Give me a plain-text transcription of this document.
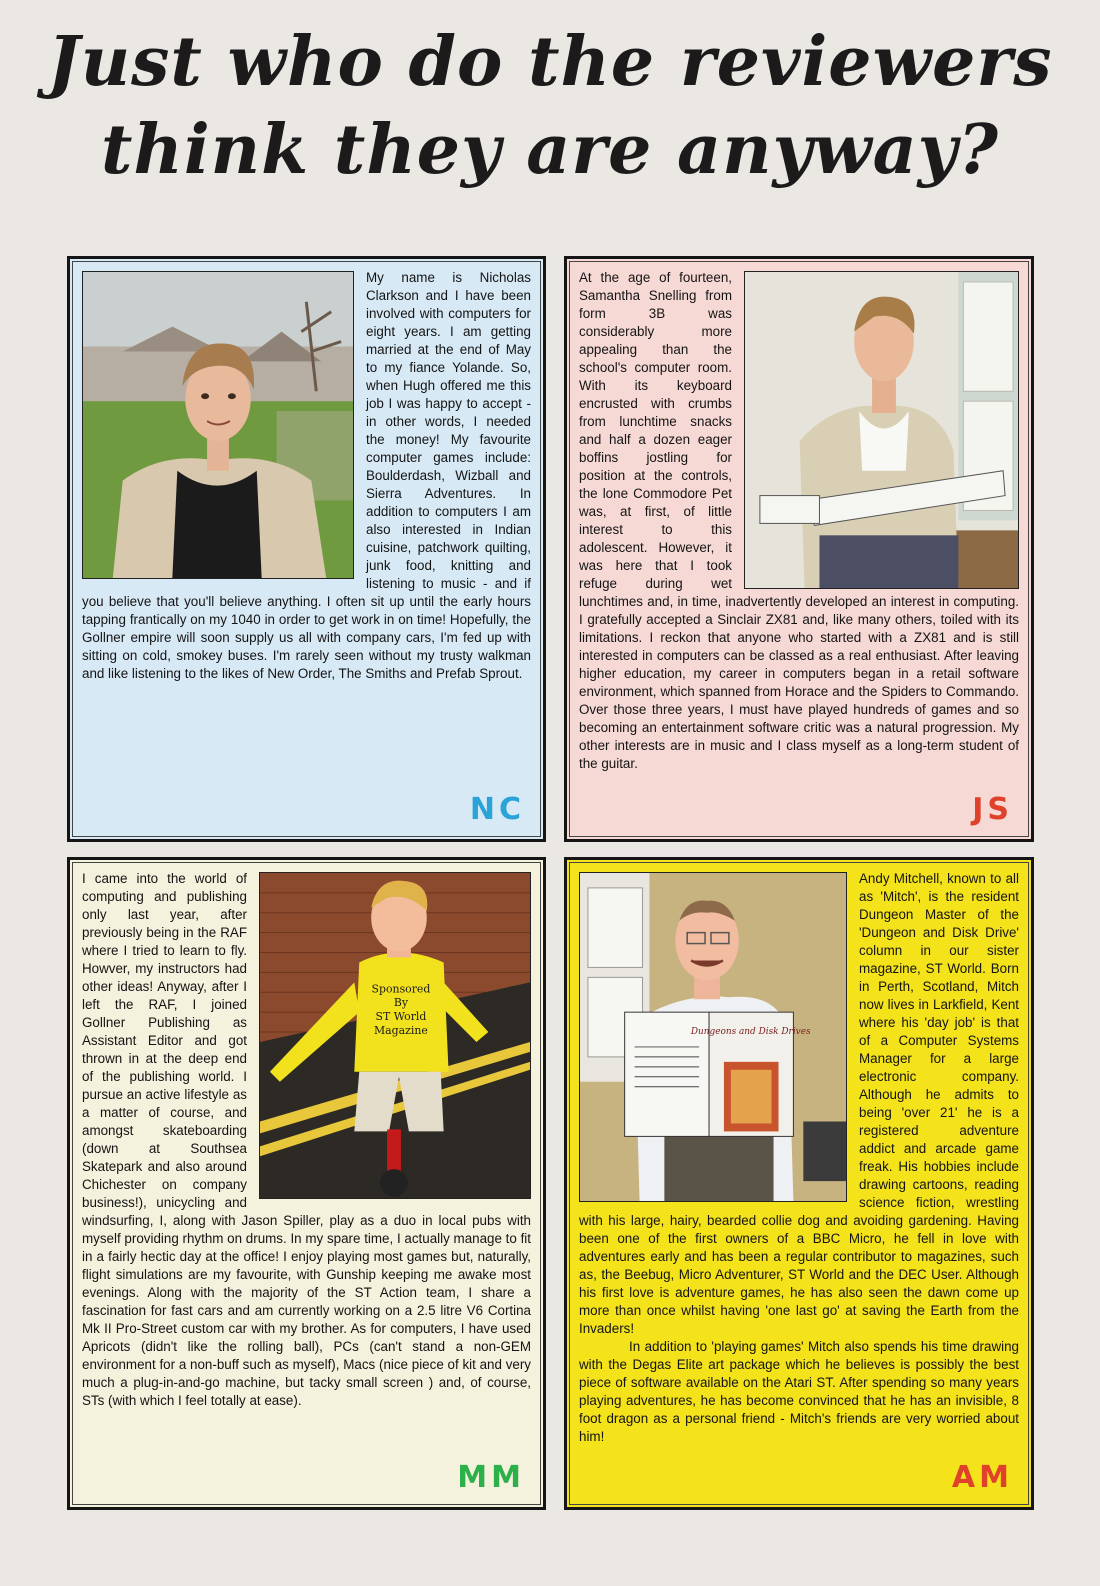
Just who do the reviewers
think they are anyway?
My name is Nicholas Clarkson and I have been involved with computers for eight years. I am getting married at the end of May to my fiance Yolande. So, when Hugh offered me this job I was happy to accept - in other words, I needed the money! My favourite computer games include: Boulderdash, Wizball and Sierra Adventures. In addition to computers I am also interested in Indian cuisine, patchwork quilting, junk food, knitting and listening to music - and if you believe that you'll believe anything. I often sit up until the early hours tapping frantically on my 1040 in order to get work in on time! Hopefully, the Gollner empire will soon supply us all with company cars, I'm fed up with sitting on cold, smokey buses. I'm rarely seen without my trusty walkman and like listening to the likes of New Order, The Smiths and Prefab Sprout.
NC
At the age of fourteen, Samantha Snelling from form 3B was considerably more appealing than the school's computer room. With its keyboard encrusted with crumbs from lunchtime snacks and half a dozen eager boffins jostling for position at the controls, the lone Commodore Pet was, at first, of little interest to this adolescent. However, it was here that I took refuge during wet lunchtimes and, in time, inadvertently developed an interest in computing. I gratefully accepted a Sinclair ZX81 and, like many others, toiled with its limitations. I reckon that anyone who started with a ZX81 and is still interested in computers can be classed as a real enthusiast. After leaving higher education, my career in computers began in a retail software environment, which spanned from Horace and the Spiders to Commando. Over those three years, I must have played hundreds of games and so becoming an entertainment software critic was a natural progression. My other interests are in music and I class myself as a long-term student of the guitar.
JS
Sponsored
By
ST World
Magazine
I came into the world of computing and publishing only last year, after previously being in the RAF where I tried to learn to fly. Howver, my instructors had other ideas! Anyway, after I left the RAF, I joined Gollner Publishing as Assistant Editor and got thrown in at the deep end of the publishing world. I pursue an active lifestyle as a matter of course, and amongst skateboarding (down at Southsea Skatepark and also around Chichester on company business!), unicycling and windsurfing, I, along with Jason Spiller, play as a duo in local pubs with myself providing rhythm on drums. In my spare time, I actually manage to fit in a fairly hectic day at the office! I enjoy playing most games but, naturally, flight simulations are my favourite, with Gunship keeping me awake most evenings. Along with the majority of the ST Action team, I share a fascination for fast cars and am currently working on a 2.5 litre V6 Cortina Mk II Pro-Street custom car with my brother. As for computers, I have used Apricots (didn't like the rolling ball), PCs (can't stand a non-GEM environment for a non-buff such as myself), Macs (nice piece of kit and very much a plug-in-and-go machine, but tacky small screen ) and, of course, STs (with which I feel totally at ease).
MM
Dungeons and Disk Drives

Andy Mitchell, known to all as 'Mitch', is the resident Dungeon Master of the 'Dungeon and Disk Drive' column in our sister magazine, ST World. Born in Perth, Scotland, Mitch now lives in Larkfield, Kent where his 'day job' is that of a Computer Systems Manager for a large electronic company. Although he admits to being 'over 21' he is a registered adventure addict and arcade game freak. His hobbies include drawing cartoons, reading science fiction, wrestling with his large, hairy, bearded collie dog and avoiding gardening. Having been one of the first owners of a BBC Micro, he fell in love with adventures early and has been a regular contributor to magazines, such as, the Beebug, Micro Adventurer, ST World and the DEC User. Although his first love is adventure games, he has also seen the dawn come up more than once whilst having 'one last go' at saving the Earth from the Invaders!

In addition to 'playing games' Mitch also spends his time drawing with the Degas Elite art package which he believes is possibly the best piece of software available on the Atari ST. After spending so many years playing adventures, he has become convinced that he has an invisible, 8 foot dragon as a personal friend - Mitch's friends are very worried about him!

AM
